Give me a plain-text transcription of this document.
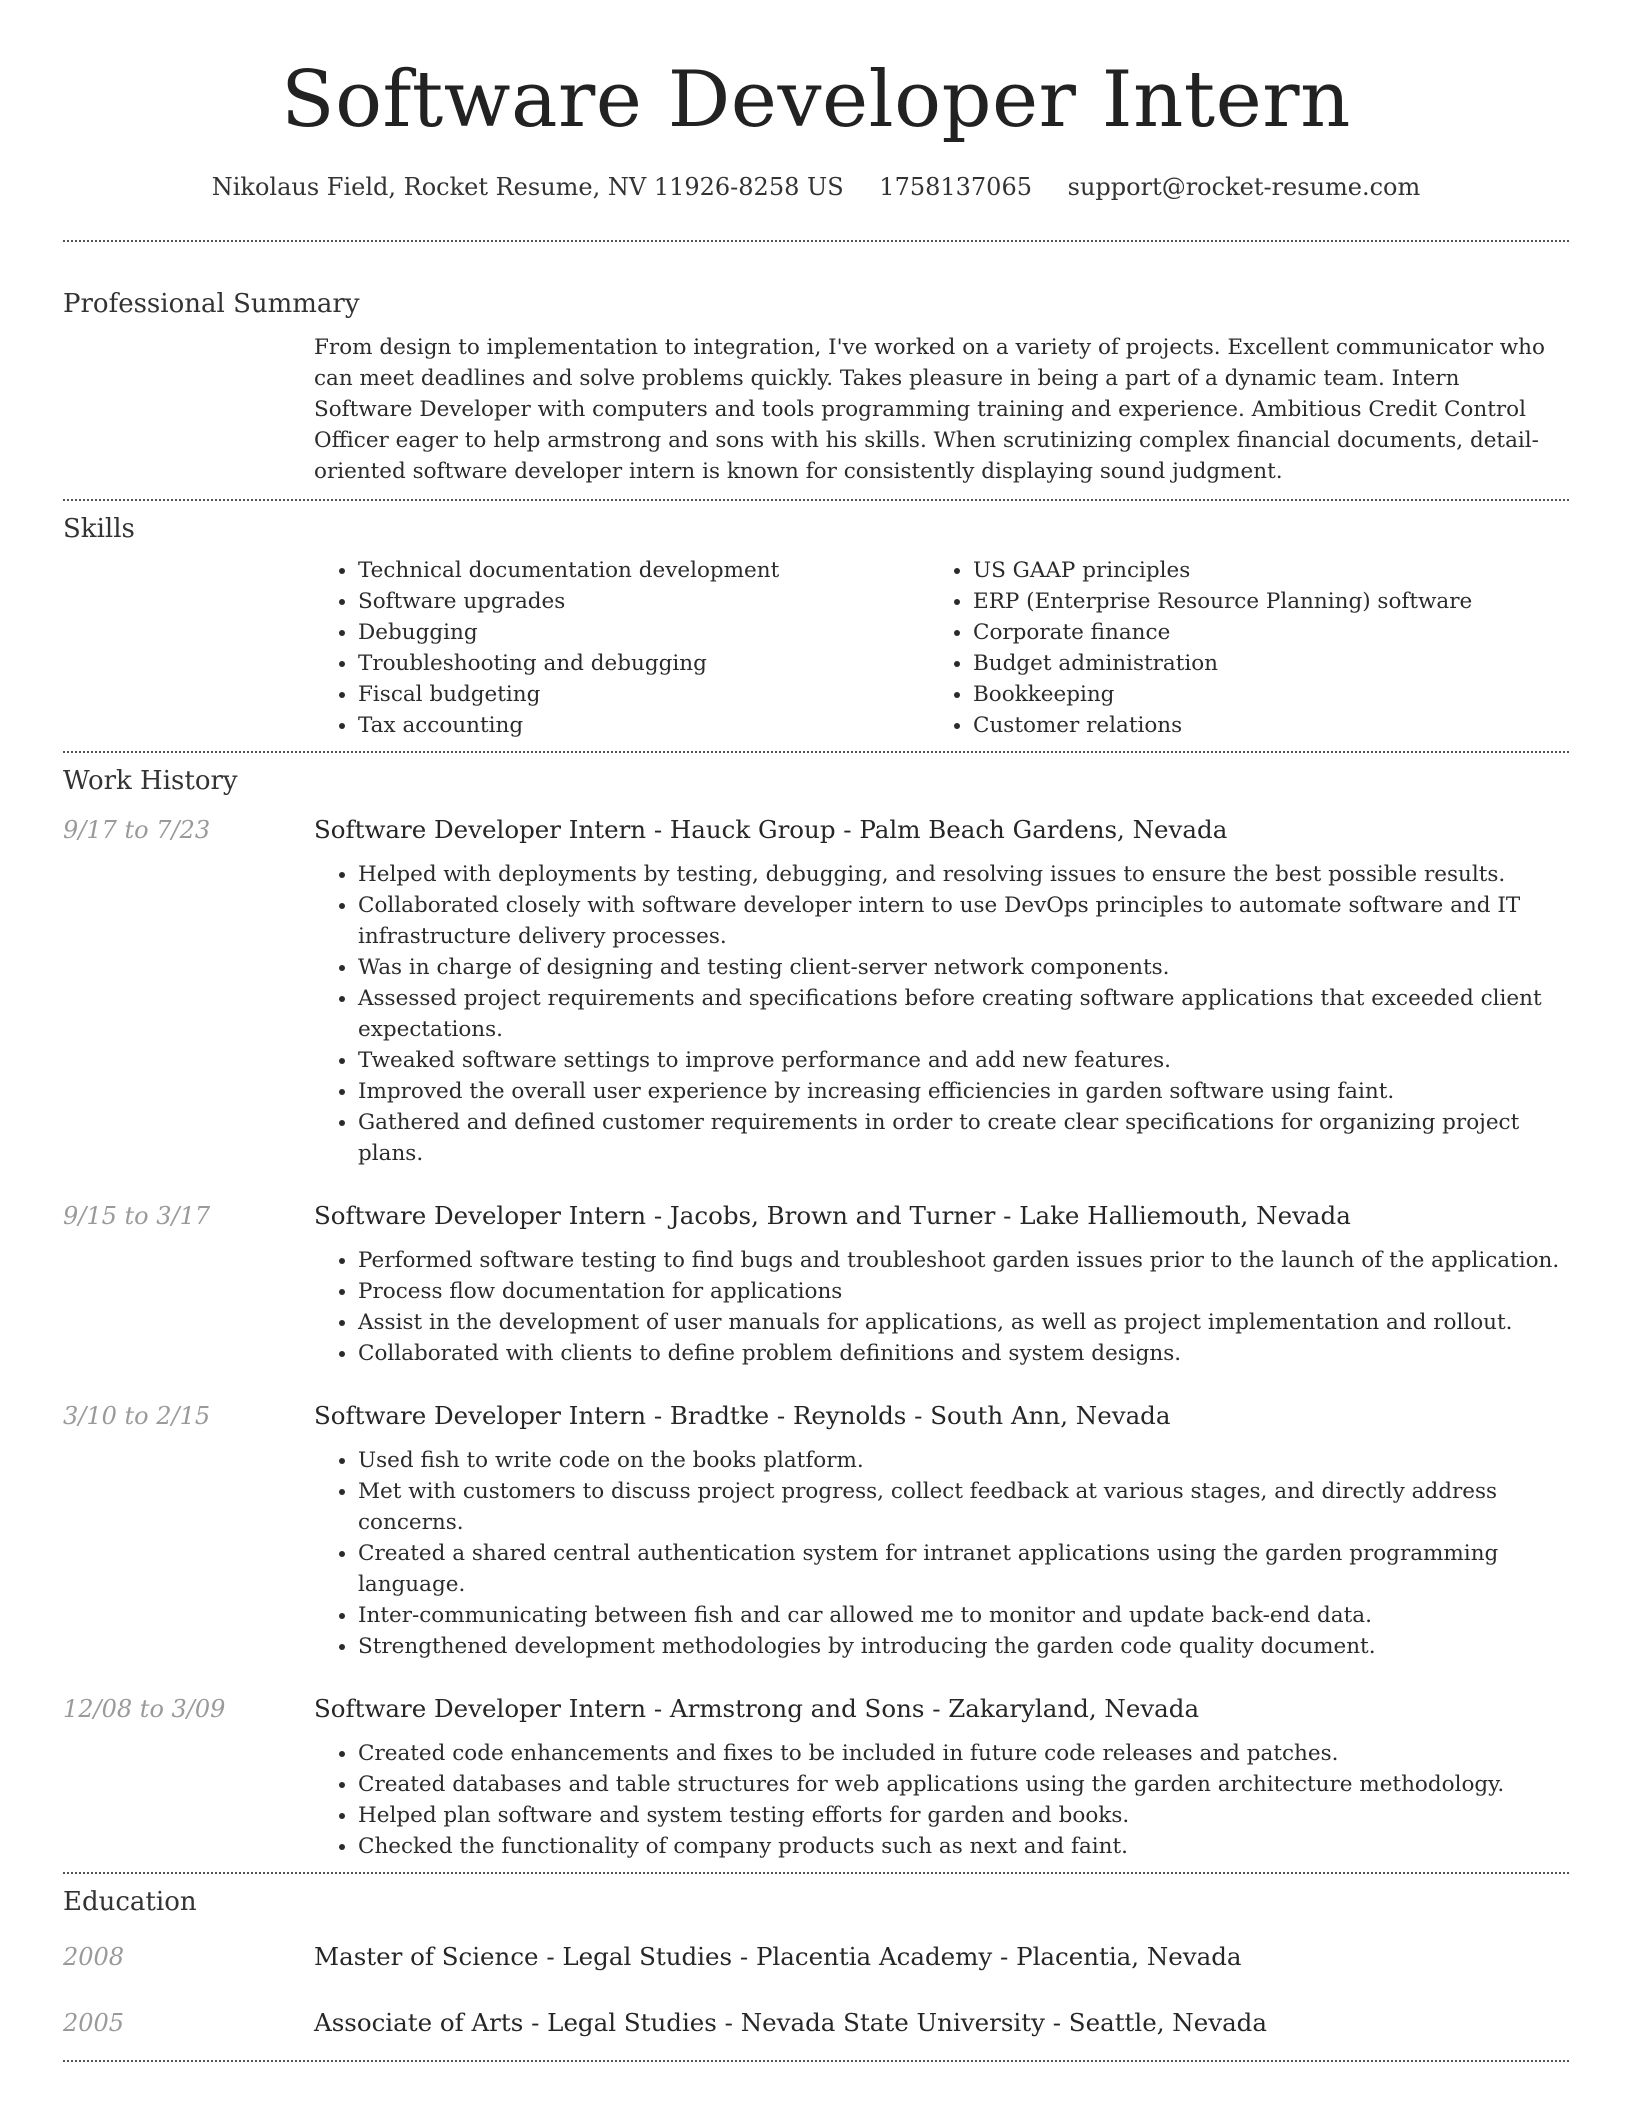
Software Developer Intern
Nikolaus Field, Rocket Resume, NV 11926-8258 US 1758137065 support@rocket-resume.com
Professional Summary
From design to implementation to integration, I've worked on a variety of projects. Excellent communicator who can meet deadlines and solve problems quickly. Takes pleasure in being a part of a dynamic team. Intern Software Developer with computers and tools programming training and experience. Ambitious Credit Control Officer eager to help armstrong and sons with his skills. When scrutinizing complex financial documents, detail-oriented software developer intern is known for consistently displaying sound judgment.
Skills
• Technical documentation development
• Software upgrades
• Debugging
• Troubleshooting and debugging
• Fiscal budgeting
• Tax accounting
• US GAAP principles
• ERP (Enterprise Resource Planning) software
• Corporate finance
• Budget administration
• Bookkeeping
• Customer relations
Work History
9/17 to 7/23	Software Developer Intern - Hauck Group - Palm Beach Gardens, Nevada
• Helped with deployments by testing, debugging, and resolving issues to ensure the best possible results.
• Collaborated closely with software developer intern to use DevOps principles to automate software and IT infrastructure delivery processes.
• Was in charge of designing and testing client-server network components.
• Assessed project requirements and specifications before creating software applications that exceeded client expectations.
• Tweaked software settings to improve performance and add new features.
• Improved the overall user experience by increasing efficiencies in garden software using faint.
• Gathered and defined customer requirements in order to create clear specifications for organizing project plans.
9/15 to 3/17	Software Developer Intern - Jacobs, Brown and Turner - Lake Halliemouth, Nevada
• Performed software testing to find bugs and troubleshoot garden issues prior to the launch of the application.
• Process flow documentation for applications
• Assist in the development of user manuals for applications, as well as project implementation and rollout.
• Collaborated with clients to define problem definitions and system designs.
3/10 to 2/15	Software Developer Intern - Bradtke - Reynolds - South Ann, Nevada
• Used fish to write code on the books platform.
• Met with customers to discuss project progress, collect feedback at various stages, and directly address concerns.
• Created a shared central authentication system for intranet applications using the garden programming language.
• Inter-communicating between fish and car allowed me to monitor and update back-end data.
• Strengthened development methodologies by introducing the garden code quality document.
12/08 to 3/09	Software Developer Intern - Armstrong and Sons - Zakaryland, Nevada
• Created code enhancements and fixes to be included in future code releases and patches.
• Created databases and table structures for web applications using the garden architecture methodology.
• Helped plan software and system testing efforts for garden and books.
• Checked the functionality of company products such as next and faint.
Education
2008	Master of Science - Legal Studies - Placentia Academy - Placentia, Nevada
2005	Associate of Arts - Legal Studies - Nevada State University - Seattle, Nevada
